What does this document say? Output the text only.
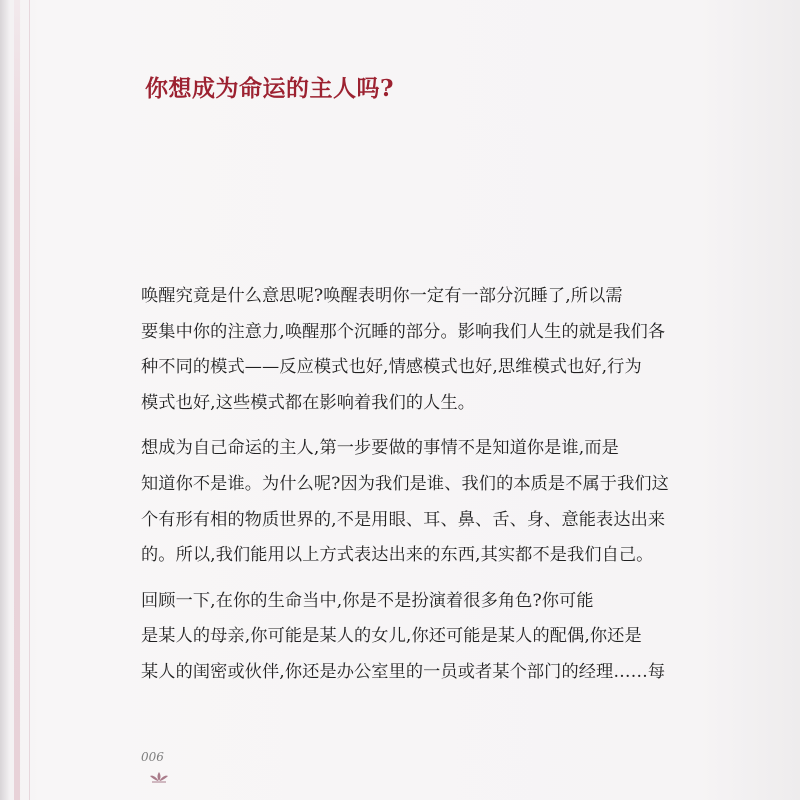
你想成为命运的主人吗?
唤醒究竟是什么意思呢?唤醒表明你一定有一部分沉睡了,所以需
要集中你的注意力,唤醒那个沉睡的部分。影响我们人生的就是我们各
种不同的模式——反应模式也好,情感模式也好,思维模式也好,行为
模式也好,这些模式都在影响着我们的人生。
想成为自己命运的主人,第一步要做的事情不是知道你是谁,而是
知道你不是谁。为什么呢?因为我们是谁、我们的本质是不属于我们这
个有形有相的物质世界的,不是用眼、耳、鼻、舌、身、意能表达出来
的。所以,我们能用以上方式表达出来的东西,其实都不是我们自己。
回顾一下,在你的生命当中,你是不是扮演着很多角色?你可能
是某人的母亲,你可能是某人的女儿,你还可能是某人的配偶,你还是
某人的闺密或伙伴,你还是办公室里的一员或者某个部门的经理……每
006
